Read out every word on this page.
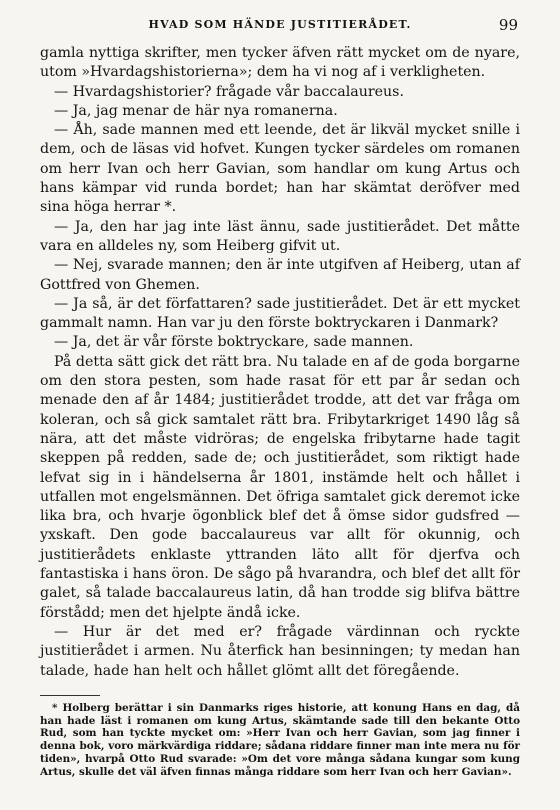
HVAD SOM HÄNDE JUSTITIERÅDET.	99

gamla nyttiga skrifter, men tycker äfven rätt mycket om de nyare, utom »Hvardagshistorierna»; dem ha vi nog af i verkligheten.

— Hvardagshistorier? frågade vår baccalaureus.

— Ja, jag menar de här nya romanerna.

— Åh, sade mannen med ett leende, det är likväl mycket snille i dem, och de läsas vid hofvet. Kungen tycker särdeles om romanen om herr Ivan och herr Gavian, som handlar om kung Artus och hans kämpar vid runda bordet; han har skämtat deröfver med sina höga herrar *.

— Ja, den har jag inte läst ännu, sade justitierådet. Det måtte vara en alldeles ny, som Heiberg gifvit ut.

— Nej, svarade mannen; den är inte utgifven af Heiberg, utan af Gottfred von Ghemen.

— Ja så, är det författaren? sade justitierådet. Det är ett mycket gammalt namn. Han var ju den förste boktryckaren i Danmark?

— Ja, det är vår förste boktryckare, sade mannen.

På detta sätt gick det rätt bra. Nu talade en af de goda borgarne om den stora pesten, som hade rasat för ett par år sedan och menade den af år 1484; justitierådet trodde, att det var fråga om koleran, och så gick samtalet rätt bra. Fribytarkriget 1490 låg så nära, att det måste vidröras; de engelska fribytarne hade tagit skeppen på redden, sade de; och justitierådet, som riktigt hade lefvat sig in i händelserna år 1801, instämde helt och hållet i utfallen mot engelsmännen. Det öfriga samtalet gick deremot icke lika bra, och hvarje ögonblick blef det å ömse sidor gudsfred — yxskaft. Den gode baccalaureus var allt för okunnig, och justitierådets enklaste yttranden läto allt för djerfva och fantastiska i hans öron. De sågo på hvarandra, och blef det allt för galet, så talade baccalaureus latin, då han trodde sig blifva bättre förstådd; men det hjelpte ändå icke.

— Hur är det med er? frågade värdinnan och ryckte justitierådet i armen. Nu återfick han besinningen; ty medan han talade, hade han helt och hållet glömt allt det föregående.

* Holberg berättar i sin Danmarks riges historie, att konung Hans en dag, då han hade läst i romanen om kung Artus, skämtande sade till den bekante Otto Rud, som han tyckte mycket om: »Herr Ivan och herr Gavian, som jag finner i denna bok, voro märkvärdiga riddare; sådana riddare finner man inte mera nu för tiden», hvarpå Otto Rud svarade: »Om det vore många sådana kungar som kung Artus, skulle det väl äfven finnas många riddare som herr Ivan och herr Gavian».
